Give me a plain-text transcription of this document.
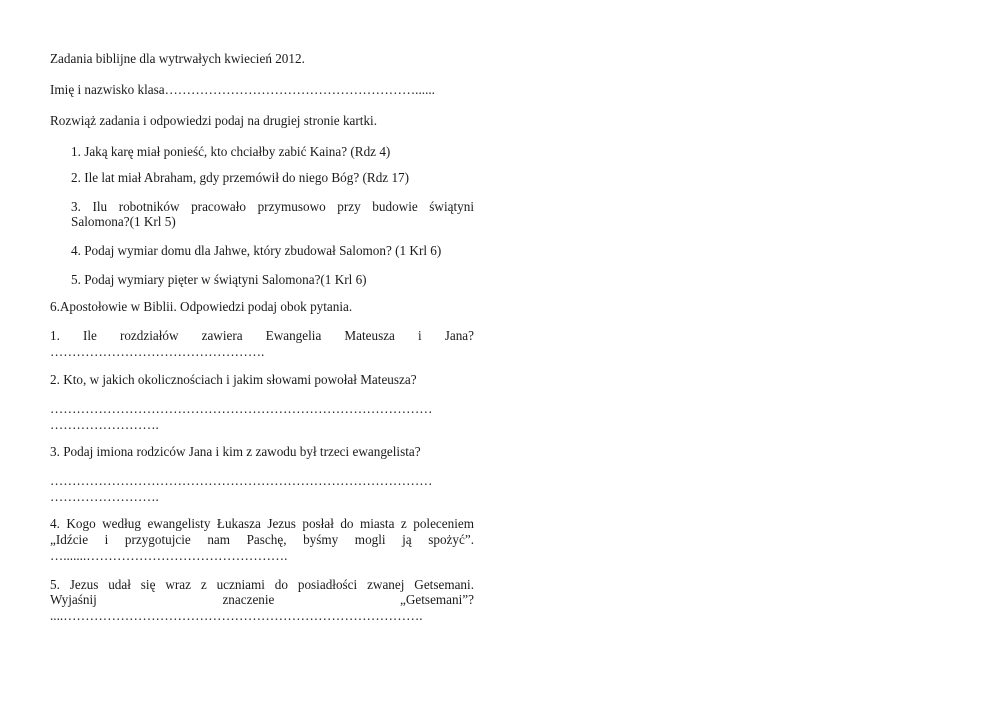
Zadania biblijne dla wytrwałych kwiecień 2012.
Imię i nazwisko klasa…………………………………………………......
Rozwiąż zadania i odpowiedzi podaj na drugiej stronie kartki.
1. Jaką karę miał ponieść, kto chciałby zabić Kaina? (Rdz 4)
2. Ile lat miał Abraham, gdy przemówił do niego Bóg? (Rdz 17)
3. Ilu robotników pracowało przymusowo przy budowie świątyni
Salomona?(1 Krl 5)
4. Podaj wymiar domu dla Jahwe, który zbudował Salomon? (1 Krl 6)
5. Podaj wymiary pięter w świątyni Salomona?(1 Krl 6)
6.Apostołowie w Biblii. Odpowiedzi podaj obok pytania.
1. Ile rozdziałów zawiera Ewangelia Mateusza i Jana?
………………………………………….
2. Kto, w jakich okolicznościach i jakim słowami powołał Mateusza?
……………………………………………………………………………
…………………….
3. Podaj imiona rodziców Jana i kim z zawodu był trzeci ewangelista?
……………………………………………………………………………
…………………….
4. Kogo według ewangelisty Łukasza Jezus posłał do miasta z poleceniem
„Idźcie i przygotujcie nam Paschę, byśmy mogli ją spożyć”.
….......……………………………………….
5. Jezus udał się wraz z uczniami do posiadłości zwanej Getsemani.
Wyjaśnij znaczenie „Getsemani”?
....……………………………………………………………………….
